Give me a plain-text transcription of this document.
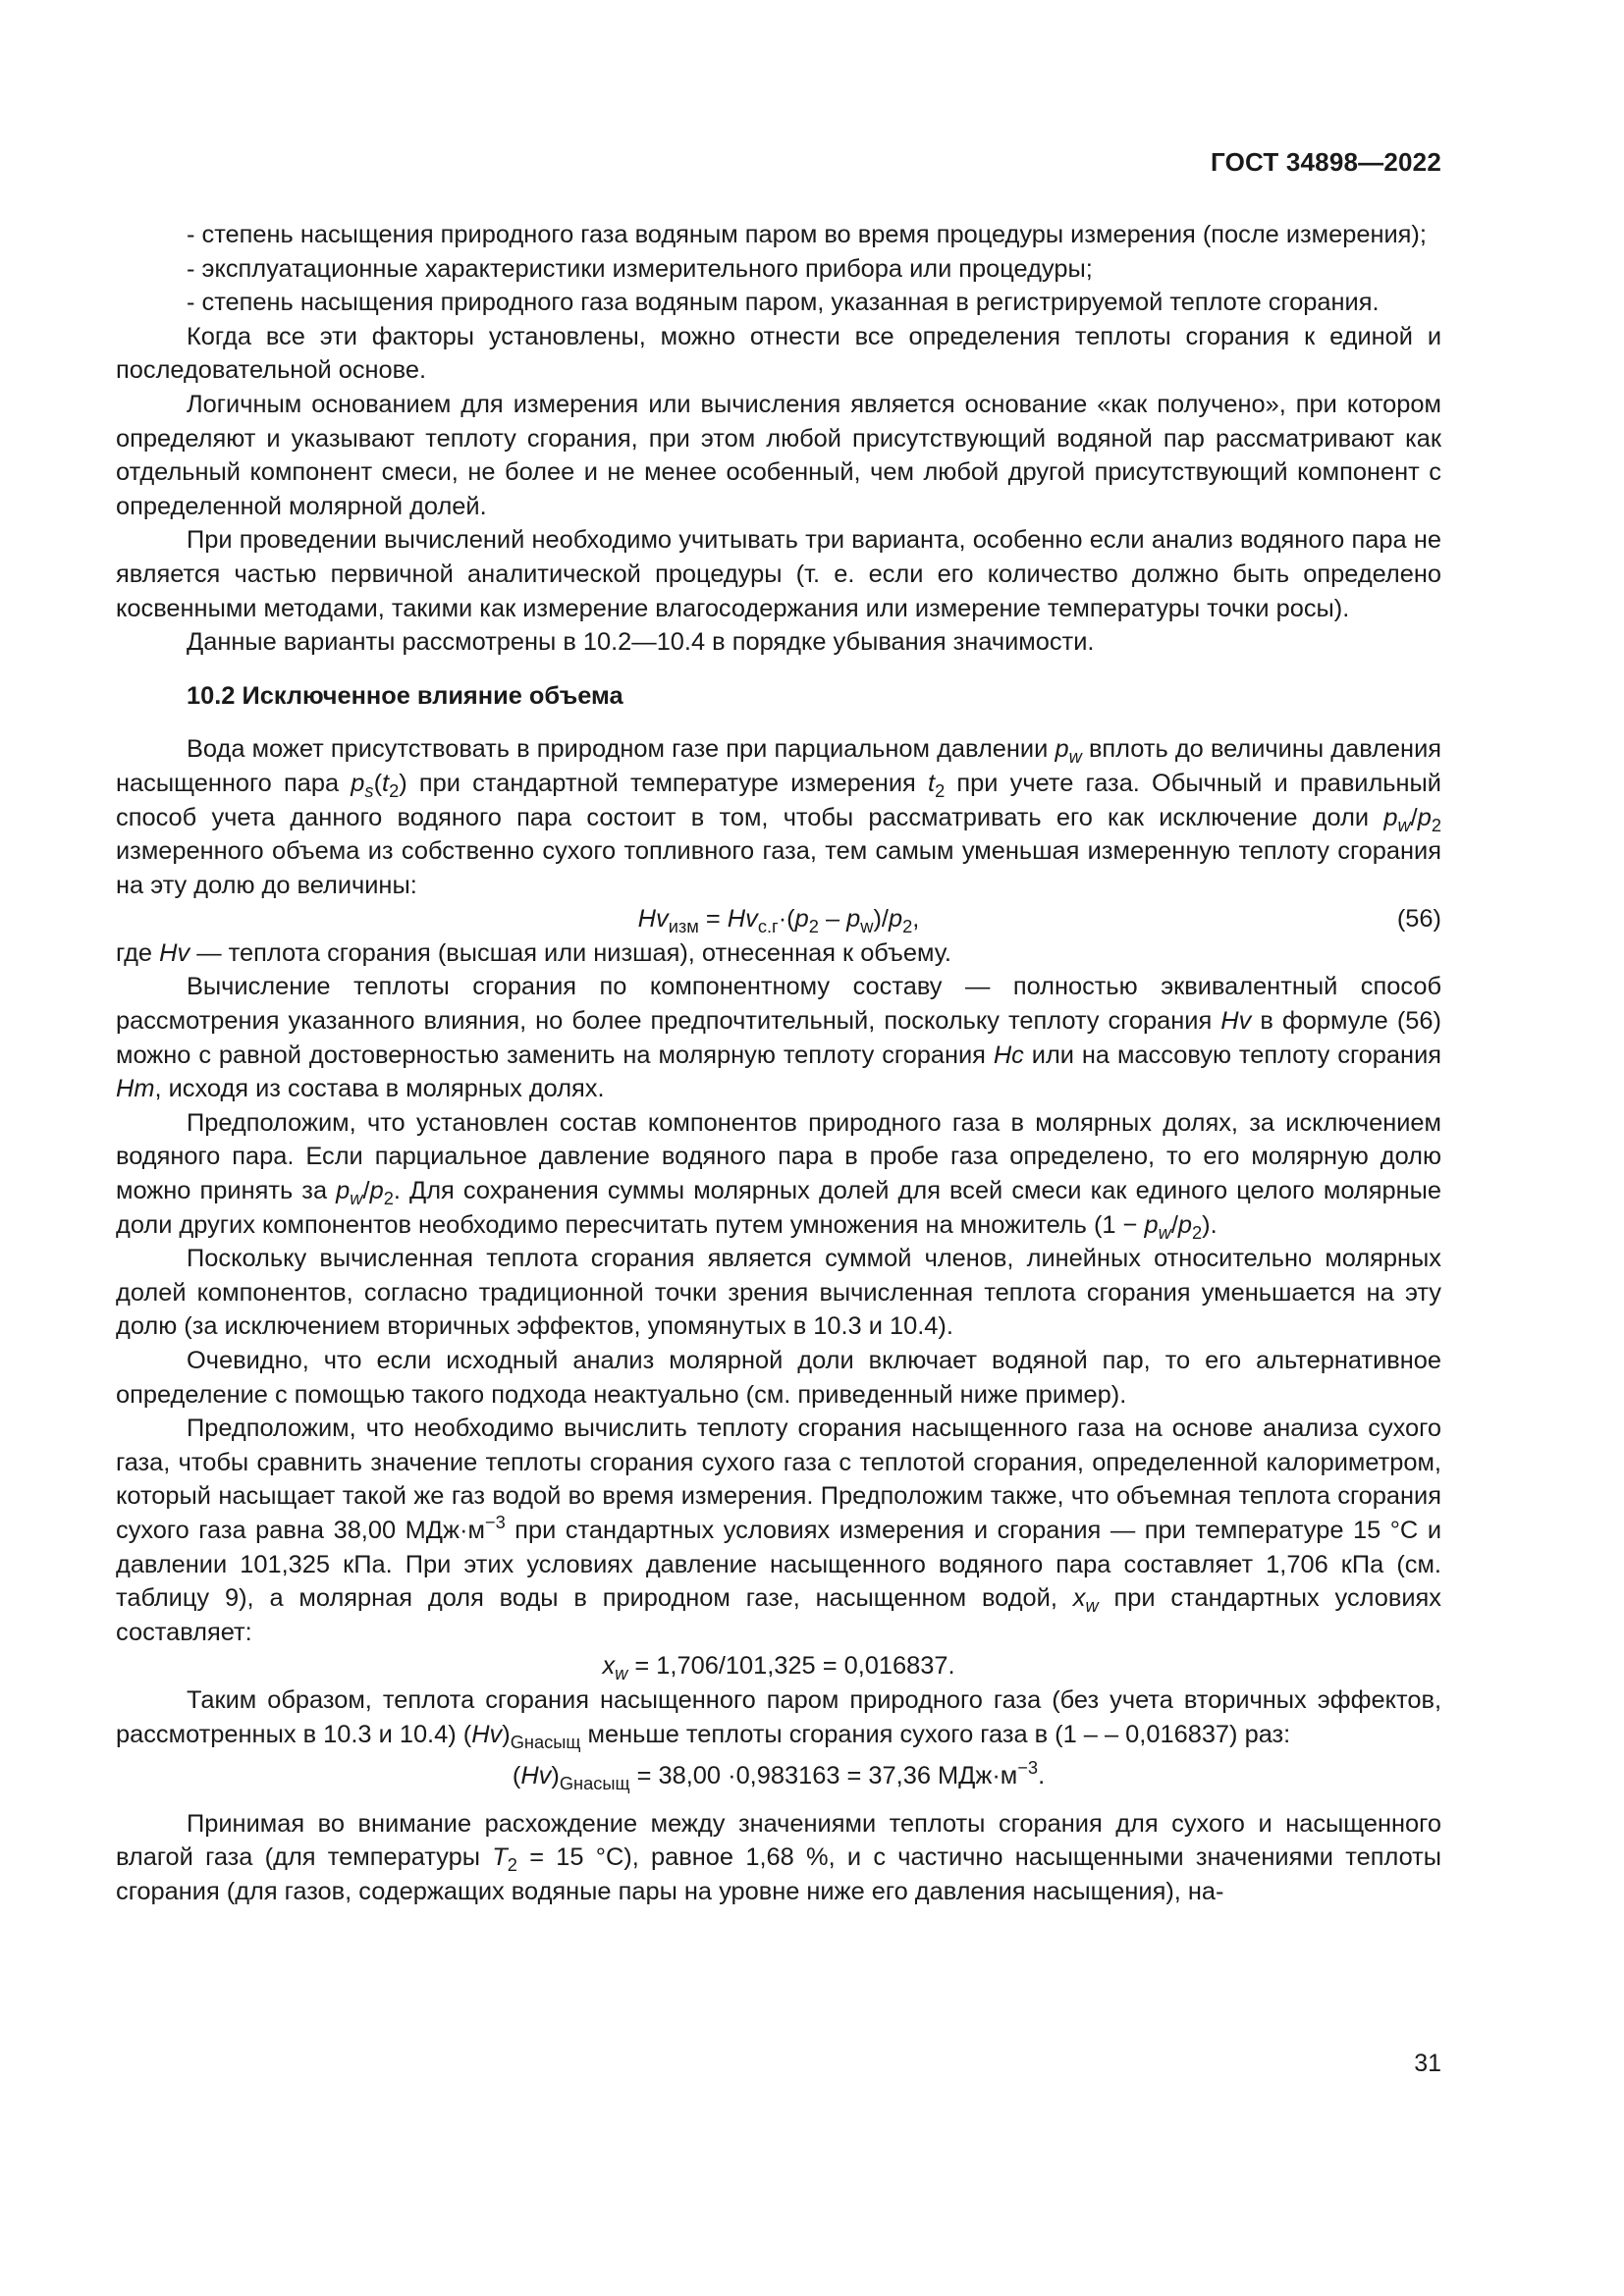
ГОСТ 34898—2022

- степень насыщения природного газа водяным паром во время процедуры измерения (после измерения);

- эксплуатационные характеристики измерительного прибора или процедуры;

- степень насыщения природного газа водяным паром, указанная в регистрируемой теплоте сгорания.

Когда все эти факторы установлены, можно отнести все определения теплоты сгорания к единой и последовательной основе.

Логичным основанием для измерения или вычисления является основание «как получено», при котором определяют и указывают теплоту сгорания, при этом любой присутствующий водяной пар рассматривают как отдельный компонент смеси, не более и не менее особенный, чем любой другой присутствующий компонент с определенной молярной долей.

При проведении вычислений необходимо учитывать три варианта, особенно если анализ водяного пара не является частью первичной аналитической процедуры (т. е. если его количество должно быть определено косвенными методами, такими как измерение влагосодержания или измерение температуры точки росы).

Данные варианты рассмотрены в 10.2—10.4 в порядке убывания значимости.

10.2 Исключенное влияние объема

Вода может присутствовать в природном газе при парциальном давлении $p_w$ вплоть до величины давления насыщенного пара $p_s(t_2)$ при стандартной температуре измерения $t_2$ при учете газа. Обычный и правильный способ учета данного водяного пара состоит в том, чтобы рассматривать его как исключение доли $p_w/p_2$ измеренного объема из собственно сухого топливного газа, тем самым уменьшая измеренную теплоту сгорания на эту долю до величины:

$Hv_{изм} = Hv_{с.г}\cdot(p_2 - p_w)/p_2$,	(56)

где Hv — теплота сгорания (высшая или низшая), отнесенная к объему.

Вычисление теплоты сгорания по компонентному составу — полностью эквивалентный способ рассмотрения указанного влияния, но более предпочтительный, поскольку теплоту сгорания Hv в формуле (56) можно с равной достоверностью заменить на молярную теплоту сгорания Hc или на массовую теплоту сгорания Hm, исходя из состава в молярных долях.

Предположим, что установлен состав компонентов природного газа в молярных долях, за исключением водяного пара. Если парциальное давление водяного пара в пробе газа определено, то его молярную долю можно принять за $p_w/p_2$. Для сохранения суммы молярных долей для всей смеси как единого целого молярные доли других компонентов необходимо пересчитать путем умножения на множитель $(1 - p_w/p_2)$.

Поскольку вычисленная теплота сгорания является суммой членов, линейных относительно молярных долей компонентов, согласно традиционной точки зрения вычисленная теплота сгорания уменьшается на эту долю (за исключением вторичных эффектов, упомянутых в 10.3 и 10.4).

Очевидно, что если исходный анализ молярной доли включает водяной пар, то его альтернативное определение с помощью такого подхода неактуально (см. приведенный ниже пример).

Предположим, что необходимо вычислить теплоту сгорания насыщенного газа на основе анализа сухого газа, чтобы сравнить значение теплоты сгорания сухого газа с теплотой сгорания, определенной калориметром, который насыщает такой же газ водой во время измерения. Предположим также, что объемная теплота сгорания сухого газа равна 38,00 $МДж\cdot м^{-3}$ при стандартных условиях измерения и сгорания — при температуре 15 °С и давлении 101,325 кПа. При этих условиях давление насыщенного водяного пара составляет 1,706 кПа (см. таблицу 9), а молярная доля воды в природном газе, насыщенном водой, $x_w$ при стандартных условиях составляет:

$x_w = 1,706/101,325 = 0,016837$.

Таким образом, теплота сгорания насыщенного паром природного газа (без учета вторичных эффектов, рассмотренных в 10.3 и 10.4) $(Hv)_{Gнасыщ}$ меньше теплоты сгорания сухого газа в (1 – – 0,016837) раз:

$(Hv)_{Gнасыщ} = 38,00 \cdot 0,983163 = 37,36$ $МДж\cdot м^{-3}$.

Принимая во внимание расхождение между значениями теплоты сгорания для сухого и насыщенного влагой газа (для температуры $T_2 = 15$ °С), равное 1,68 %, и с частично насыщенными значениями теплоты сгорания (для газов, содержащих водяные пары на уровне ниже его давления насыщения), на-

31
